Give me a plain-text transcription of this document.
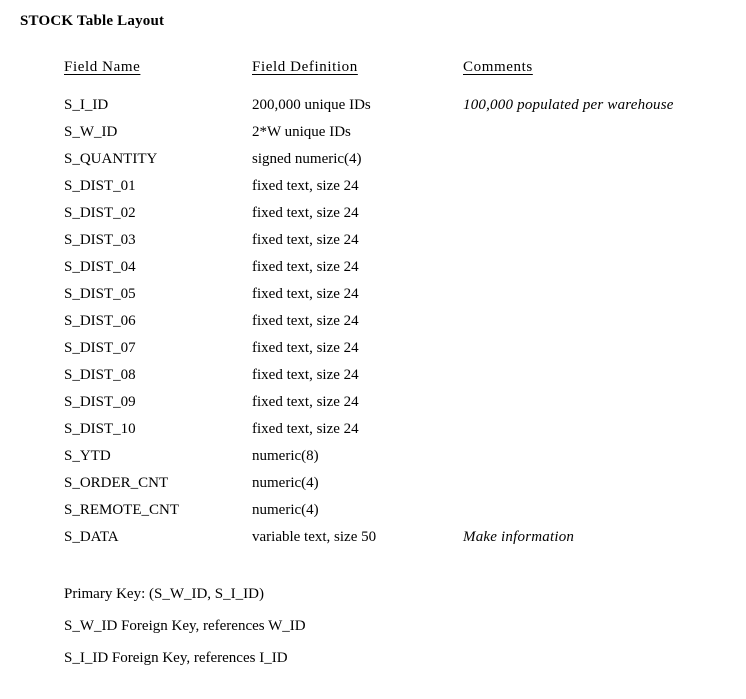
STOCK Table Layout
Field Name	Field Definition	Comments
S_I_ID	200,000 unique IDs	100,000 populated per warehouse
S_W_ID	2*W unique IDs
S_QUANTITY	signed numeric(4)
S_DIST_01	fixed text, size 24
S_DIST_02	fixed text, size 24
S_DIST_03	fixed text, size 24
S_DIST_04	fixed text, size 24
S_DIST_05	fixed text, size 24
S_DIST_06	fixed text, size 24
S_DIST_07	fixed text, size 24
S_DIST_08	fixed text, size 24
S_DIST_09	fixed text, size 24
S_DIST_10	fixed text, size 24
S_YTD	numeric(8)
S_ORDER_CNT	numeric(4)
S_REMOTE_CNT	numeric(4)
S_DATA	variable text, size 50	Make information
Primary Key: (S_W_ID, S_I_ID)
S_W_ID Foreign Key, references W_ID
S_I_ID Foreign Key, references I_ID
